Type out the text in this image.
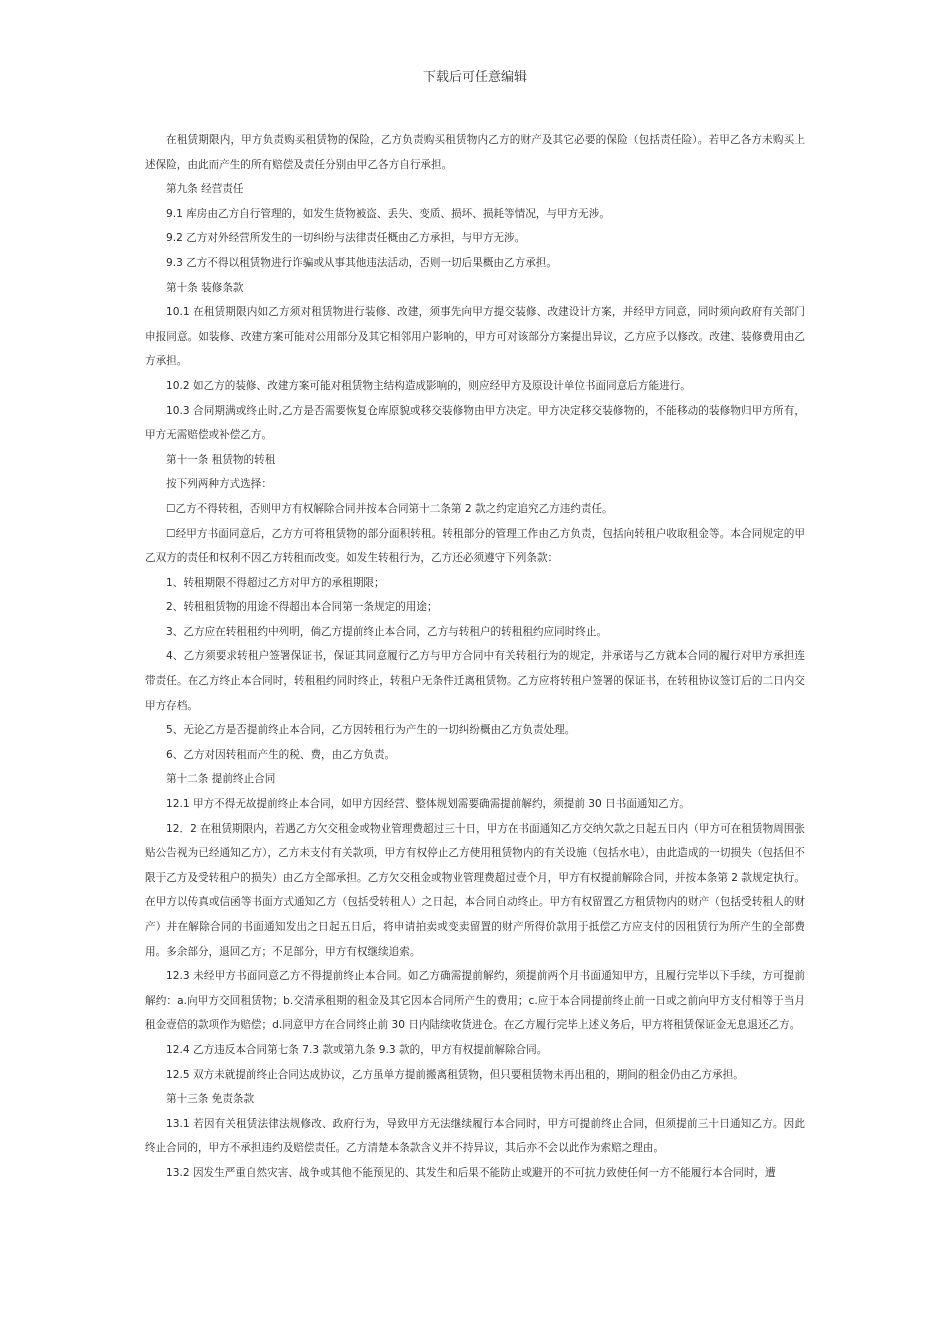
下载后可任意编辑

在租赁期限内，甲方负责购买租赁物的保险，乙方负责购买租赁物内乙方的财产及其它必要的保险（包括责任险）。若甲乙各方未购买上述保险，由此而产生的所有赔偿及责任分别由甲乙各方自行承担。

第九条 经营责任

9.1 库房由乙方自行管理的，如发生货物被盗、丢失、变质、损坏、损耗等情况，与甲方无涉。

9.2 乙方对外经营所发生的一切纠纷与法律责任概由乙方承担，与甲方无涉。

9.3 乙方不得以租赁物进行诈骗或从事其他违法活动，否则一切后果概由乙方承担。

第十条 装修条款

10.1 在租赁期限内如乙方须对租赁物进行装修、改建，须事先向甲方提交装修、改建设计方案，并经甲方同意，同时须向政府有关部门申报同意。如装修、改建方案可能对公用部分及其它相邻用户影响的，甲方可对该部分方案提出异议，乙方应予以修改。改建、装修费用由乙方承担。

10.2 如乙方的装修、改建方案可能对租赁物主结构造成影响的，则应经甲方及原设计单位书面同意后方能进行。

10.3 合同期满或终止时,乙方是否需要恢复仓库原貌或移交装修物由甲方决定。甲方决定移交装修物的，不能移动的装修物归甲方所有，甲方无需赔偿或补偿乙方。

第十一条 租赁物的转租

按下列两种方式选择：

☐乙方不得转租，否则甲方有权解除合同并按本合同第十二条第 2 款之约定追究乙方违约责任。

☐经甲方书面同意后，乙方方可将租赁物的部分面积转租。转租部分的管理工作由乙方负责，包括向转租户收取租金等。本合同规定的甲乙双方的责任和权利不因乙方转租而改变。如发生转租行为，乙方还必须遵守下列条款：

1、转租期限不得超过乙方对甲方的承租期限；

2、转租租赁物的用途不得超出本合同第一条规定的用途；

3、乙方应在转租租约中列明，倘乙方提前终止本合同，乙方与转租户的转租租约应同时终止。

4、乙方须要求转租户签署保证书，保证其同意履行乙方与甲方合同中有关转租行为的规定，并承诺与乙方就本合同的履行对甲方承担连带责任。在乙方终止本合同时，转租租约同时终止，转租户无条件迁离租赁物。乙方应将转租户签署的保证书，在转租协议签订后的二日内交甲方存档。

5、无论乙方是否提前终止本合同，乙方因转租行为产生的一切纠纷概由乙方负责处理。

6、乙方对因转租而产生的税、费，由乙方负责。

第十二条 提前终止合同

12.1 甲方不得无故提前终止本合同，如甲方因经营、整体规划需要确需提前解约，须提前 30 日书面通知乙方。

12．2 在租赁期限内，若遇乙方欠交租金或物业管理费超过三十日，甲方在书面通知乙方交纳欠款之日起五日内（甲方可在租赁物周围张贴公告视为已经通知乙方），乙方未支付有关款项，甲方有权停止乙方使用租赁物内的有关设施（包括水电），由此造成的一切损失（包括但不限于乙方及受转租户的损失）由乙方全部承担。乙方欠交租金或物业管理费超过壹个月，甲方有权提前解除合同，并按本条第 2 款规定执行。在甲方以传真或信函等书面方式通知乙方（包括受转租人）之日起，本合同自动终止。甲方有权留置乙方租赁物内的财产（包括受转租人的财产）并在解除合同的书面通知发出之日起五日后，将申请拍卖或变卖留置的财产所得价款用于抵偿乙方应支付的因租赁行为所产生的全部费用。多余部分，退回乙方；不足部分，甲方有权继续追索。

12.3 未经甲方书面同意乙方不得提前终止本合同。如乙方确需提前解约，须提前两个月书面通知甲方，且履行完毕以下手续，方可提前解约：a.向甲方交回租赁物；b.交清承租期的租金及其它因本合同所产生的费用；c.应于本合同提前终止前一日或之前向甲方支付相等于当月租金壹倍的款项作为赔偿；d.同意甲方在合同终止前 30 日内陆续收货进仓。在乙方履行完毕上述义务后，甲方将租赁保证金无息退还乙方。

12.4 乙方违反本合同第七条 7.3 款或第九条 9.3 款的，甲方有权提前解除合同。

12.5 双方未就提前终止合同达成协议，乙方虽单方提前搬离租赁物，但只要租赁物未再出租的，期间的租金仍由乙方承担。

第十三条 免责条款

13.1 若因有关租赁法律法规修改、政府行为，导致甲方无法继续履行本合同时，甲方可提前终止合同，但须提前三十日通知乙方。因此终止合同的，甲方不承担违约及赔偿责任。乙方清楚本条款含义并不持异议，其后亦不会以此作为索赔之理由。

13.2 因发生严重自然灾害、战争或其他不能预见的、其发生和后果不能防止或避开的不可抗力致使任何一方不能履行本合同时，遭
